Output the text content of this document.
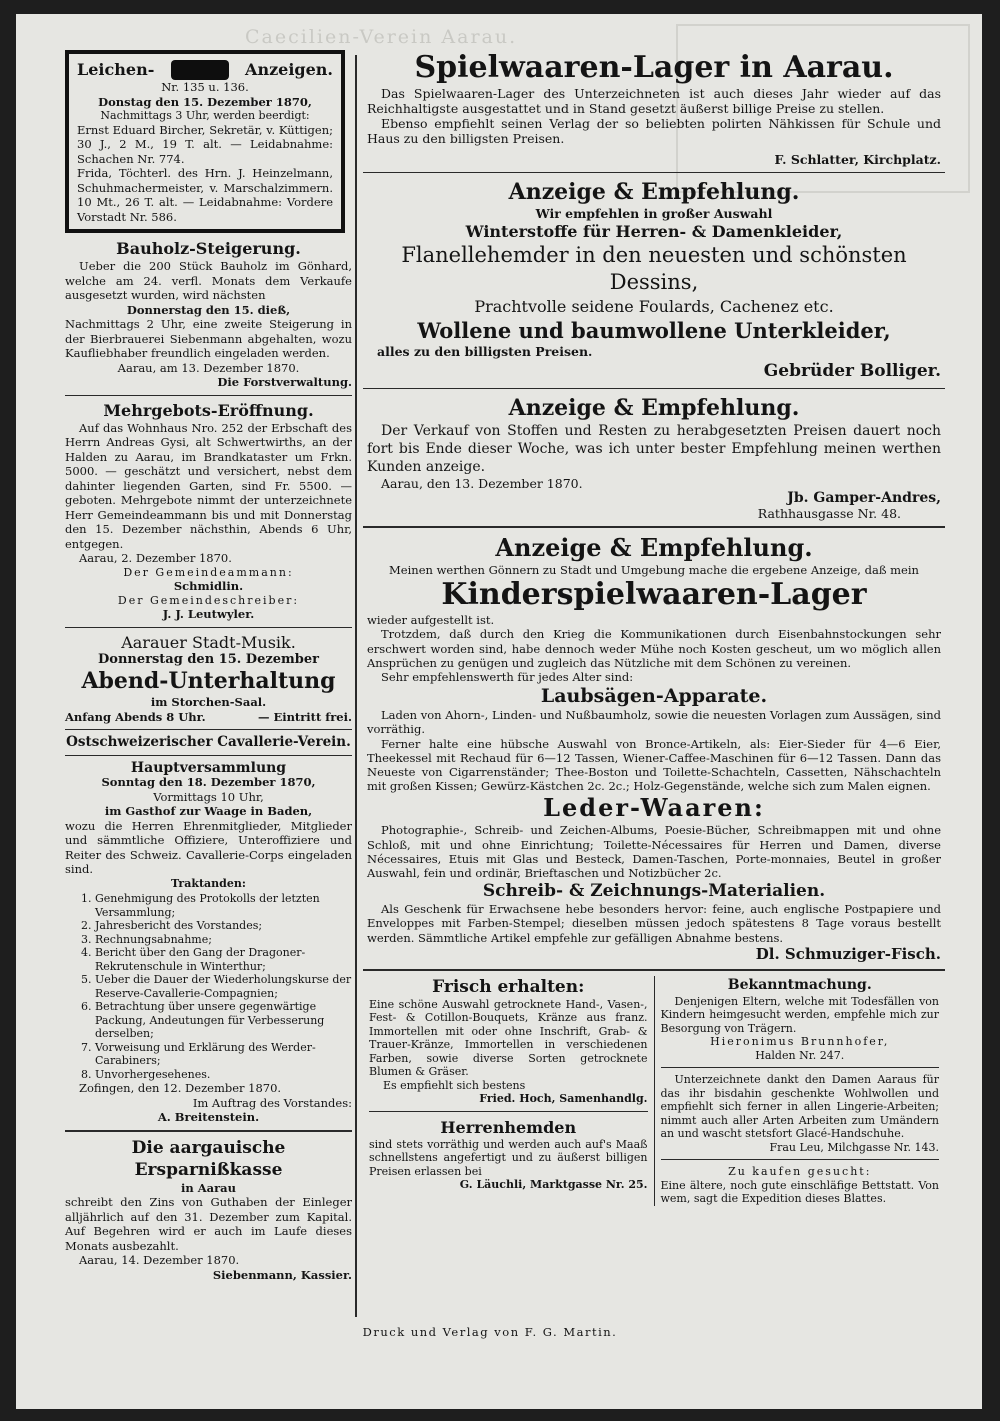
Caecilien-Verein Aarau.
Leichen-	Anzeigen.

Nr. 135 u. 136.

Donstag den 15. Dezember 1870,

Nachmittags 3 Uhr, werden beerdigt:

Ernst Eduard Bircher, Sekretär, v. Küttigen; 30 J., 2 M., 19 T. alt. — Leidabnahme: Schachen Nr. 774.

Frida, Töchterl. des Hrn. J. Heinzelmann, Schuhmachermeister, v. Marschalzimmern. 10 Mt., 26 T. alt. — Leidabnahme: Vordere Vorstadt Nr. 586.

Bauholz-Steigerung.

Ueber die 200 Stück Bauholz im Gönhard, welche am 24. verfl. Monats dem Verkaufe ausgesetzt wurden, wird nächsten

Donnerstag den 15. dieß,

Nachmittags 2 Uhr, eine zweite Steigerung in der Bierbrauerei Siebenmann abgehalten, wozu Kaufliebhaber freundlich eingeladen werden.

Aarau, am 13. Dezember 1870.

Die Forstverwaltung.

Mehrgebots-Eröffnung.

Auf das Wohnhaus Nro. 252 der Erbschaft des Herrn Andreas Gysi, alt Schwertwirths, an der Halden zu Aarau, im Brandkataster um Frkn. 5000. — geschätzt und versichert, nebst dem dahinter liegenden Garten, sind Fr. 5500. — geboten. Mehrgebote nimmt der unterzeichnete Herr Gemeindeammann bis und mit Donnerstag den 15. Dezember nächsthin, Abends 6 Uhr, entgegen.

Aarau, 2. Dezember 1870.

Der Gemeindeammann:

Schmidlin.

Der Gemeindeschreiber:

J. J. Leutwyler.

Aarauer Stadt-Musik.

Donnerstag den 15. Dezember

Abend-Unterhaltung

im Storchen-Saal.

Anfang Abends 8 Uhr.	— Eintritt frei.

Ostschweizerischer Cavallerie-Verein.

Hauptversammlung

Sonntag den 18. Dezember 1870,

Vormittags 10 Uhr,

im Gasthof zur Waage in Baden,

wozu die Herren Ehrenmitglieder, Mitglieder und sämmtliche Offiziere, Unteroffiziere und Reiter des Schweiz. Cavallerie-Corps eingeladen sind.

Traktanden:

1. Genehmigung des Protokolls der letzten Versammlung;
2. Jahresbericht des Vorstandes;
3. Rechnungsabnahme;
4. Bericht über den Gang der Dragoner-Rekrutenschule in Winterthur;
5. Ueber die Dauer der Wiederholungskurse der Reserve-Cavallerie-Compagnien;
6. Betrachtung über unsere gegenwärtige Packung, Andeutungen für Verbesserung derselben;
7. Vorweisung und Erklärung des Werder-Carabiners;
8. Unvorhergesehenes.

Zofingen, den 12. Dezember 1870.

Im Auftrag des Vorstandes:

A. Breitenstein.

Die aargauische Ersparnißkasse

in Aarau

schreibt den Zins von Guthaben der Einleger alljährlich auf den 31. Dezember zum Kapital. Auf Begehren wird er auch im Laufe dieses Monats ausbezahlt.

Aarau, 14. Dezember 1870.

Siebenmann, Kassier.

Spielwaaren-Lager in Aarau.

Das Spielwaaren-Lager des Unterzeichneten ist auch dieses Jahr wieder auf das Reichhaltigste ausgestattet und in Stand gesetzt äußerst billige Preise zu stellen.

Ebenso empfiehlt seinen Verlag der so beliebten polirten Nähkissen für Schule und Haus zu den billigsten Preisen.

F. Schlatter, Kirchplatz.

Anzeige & Empfehlung.

Wir empfehlen in großer Auswahl

Winterstoffe für Herren- & Damenkleider,

Flanellehemder in den neuesten und schönsten Dessins,

Prachtvolle seidene Foulards, Cachenez etc.

Wollene und baumwollene Unterkleider,

alles zu den billigsten Preisen.

Gebrüder Bolliger.

Anzeige & Empfehlung.

Der Verkauf von Stoffen und Resten zu herabgesetzten Preisen dauert noch fort bis Ende dieser Woche, was ich unter bester Empfehlung meinen werthen Kunden anzeige.

Aarau, den 13. Dezember 1870.

Jb. Gamper-Andres,

Rathhausgasse Nr. 48.

Anzeige & Empfehlung.

Meinen werthen Gönnern zu Stadt und Umgebung mache die ergebene Anzeige, daß mein

Kinderspielwaaren-Lager

wieder aufgestellt ist.

Trotzdem, daß durch den Krieg die Kommunikationen durch Eisenbahnstockungen sehr erschwert worden sind, habe dennoch weder Mühe noch Kosten gescheut, um wo möglich allen Ansprüchen zu genügen und zugleich das Nützliche mit dem Schönen zu vereinen.

Sehr empfehlenswerth für jedes Alter sind:

Laubsägen-Apparate.

Laden von Ahorn-, Linden- und Nußbaumholz, sowie die neuesten Vorlagen zum Aussägen, sind vorräthig.

Ferner halte eine hübsche Auswahl von Bronce-Artikeln, als: Eier-Sieder für 4—6 Eier, Theekessel mit Rechaud für 6—12 Tassen, Wiener-Caffee-Maschinen für 6—12 Tassen. Dann das Neueste von Cigarrenständer; Thee-Boston und Toilette-Schachteln, Cassetten, Nähschachteln mit großen Kissen; Gewürz-Kästchen 2c. 2c.; Holz-Gegenstände, welche sich zum Malen eignen.

Leder-Waaren:

Photographie-, Schreib- und Zeichen-Albums, Poesie-Bücher, Schreibmappen mit und ohne Schloß, mit und ohne Einrichtung; Toilette-Nécessaires für Herren und Damen, diverse Nécessaires, Etuis mit Glas und Besteck, Damen-Taschen, Porte-monnaies, Beutel in großer Auswahl, fein und ordinär, Brieftaschen und Notizbücher 2c.

Schreib- & Zeichnungs-Materialien.

Als Geschenk für Erwachsene hebe besonders hervor: feine, auch englische Postpapiere und Enveloppes mit Farben-Stempel; dieselben müssen jedoch spätestens 8 Tage voraus bestellt werden. Sämmtliche Artikel empfehle zur gefälligen Abnahme bestens.

Dl. Schmuziger-Fisch.

Frisch erhalten:

Eine schöne Auswahl getrocknete Hand-, Vasen-, Fest- & Cotillon-Bouquets, Kränze aus franz. Immortellen mit oder ohne Inschrift, Grab- & Trauer-Kränze, Immortellen in verschiedenen Farben, sowie diverse Sorten getrocknete Blumen & Gräser.

Es empfiehlt sich bestens

Fried. Hoch, Samenhandlg.

Herrenhemden

sind stets vorräthig und werden auch auf's Maaß schnellstens angefertigt und zu äußerst billigen Preisen erlassen bei

G. Läuchli, Marktgasse Nr. 25.

Bekanntmachung.

Denjenigen Eltern, welche mit Todesfällen von Kindern heimgesucht werden, empfehle mich zur Besorgung von Trägern.

Hieronimus Brunnhofer,

Halden Nr. 247.

Unterzeichnete dankt den Damen Aaraus für das ihr bisdahin geschenkte Wohlwollen und empfiehlt sich ferner in allen Lingerie-Arbeiten; nimmt auch aller Arten Arbeiten zum Umändern an und wascht stetsfort Glacé-Handschuhe.

Frau Leu, Milchgasse Nr. 143.

Zu kaufen gesucht:

Eine ältere, noch gute einschläfige Bettstatt. Von wem, sagt die Expedition dieses Blattes.

Druck und Verlag von F. G. Martin.
